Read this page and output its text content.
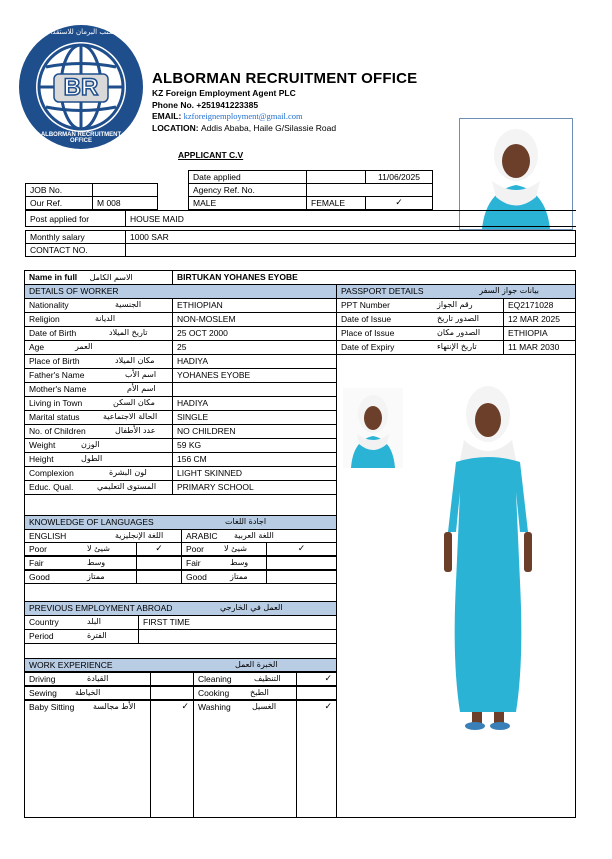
BR
ALBORMAN RECRUITMENT OFFICE
مكتب البرمان للاستقدام
ALBORMAN RECRUITMENT OFFICE
KZ Foreign Employment Agent PLC
Phone No. +251941223385
EMAIL: kzforeignemployment@gmail.com
LOCATION: Addis Ababa, Haile G/Silassie Road
APPLICANT C.V
Date applied	11/06/2025
JOB No.	Agency Ref. No.
Our Ref.	M 008	MALE	FEMALE	✓
Post applied for	HOUSE MAID
Monthly salary	1000 SAR
CONTACT NO.
Name in full الاسم الكامل	BIRTUKAN YOHANES EYOBE
DETAILS OF WORKER	PASSPORT DETAILS	بيانات جواز السفر
Nationality	الجنسية	ETHIOPIAN
Religion	الديانة	NON-MOSLEM
Date of Birth	تاريخ الميلاد	25 OCT 2000
Age	العمر	25
Place of Birth	مكان الميلاد	HADIYA
Father's Name	اسم الأب	YOHANES EYOBE
Mother's Name	اسم الأم
Living in Town	مكان السكن	HADIYA
Marital status	الحالة الاجتماعية	SINGLE
No. of Children	عدد الأطفال	NO CHILDREN
Weight	الوزن	59 KG
Height	الطول	156 CM
Complexion	لون البشرة	LIGHT SKINNED
Educ. Qual.	المستوى التعليمي	PRIMARY SCHOOL
PPT Number	رقم الجواز	EQ2171028
Date of Issue	الصدور تاريخ	12 MAR 2025
Place of Issue	الصدور مكان	ETHIOPIA
Date of Expiry	تاريخ الإنتهاء	11 MAR 2030
KNOWLEDGE OF LANGUAGES	اجادة اللغات
ENGLISH	اللغة الإنجليزية	ARABIC اللغة العربية
Poor	شيئ لا	✓	Poor	شيئ لا	✓
Fair	وسط	Fair	وسط
Good	ممتاز	Good	ممتاز
PREVIOUS EMPLOYMENT ABROAD	العمل في الخارجي
Country	البلد	FIRST TIME
Period	الفترة
WORK EXPERIENCE	الخبرة العمل
Driving	القيادة	Cleaning	التنظيف	✓
Sewing الخياطة	Cooking	الطبخ
Baby Sitting الأط مجالسة	✓	Washing	الغسيل	✓
